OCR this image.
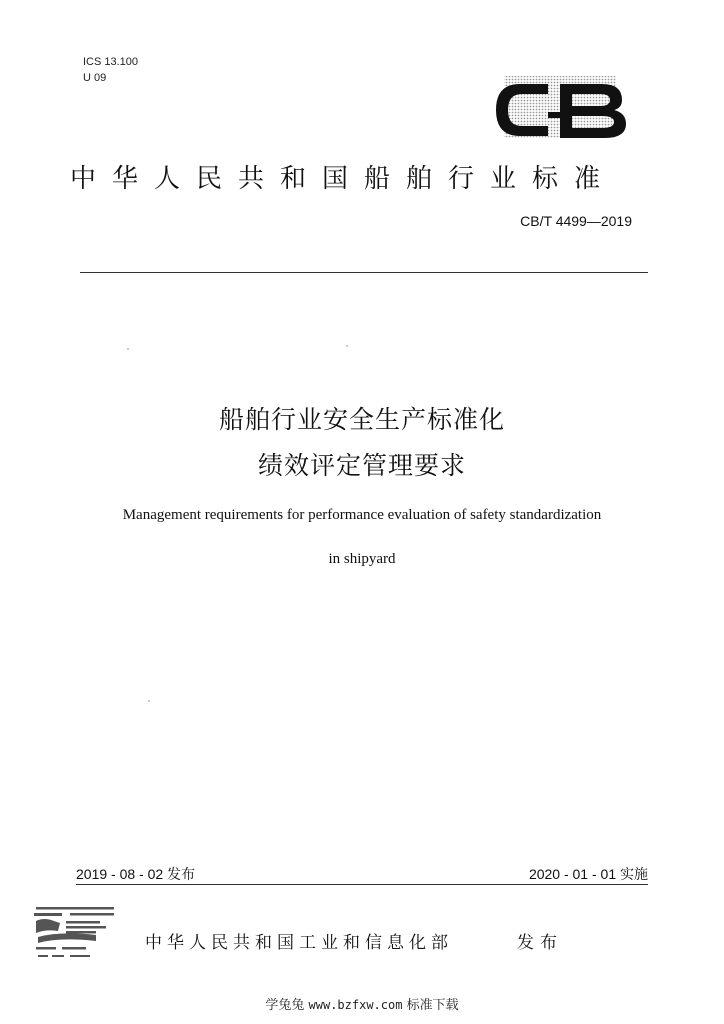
ICS 13.100
U 09
中华人民共和国船舶行业标准
CB/T 4499—2019
船舶行业安全生产标准化
绩效评定管理要求
Management requirements for performance evaluation of safety standardization
in shipyard
2019 - 08 - 02 发布	2020 - 01 - 01 实施
中华人民共和国工业和信息化部	发布
学兔兔 www.bzfxw.com 标准下载
